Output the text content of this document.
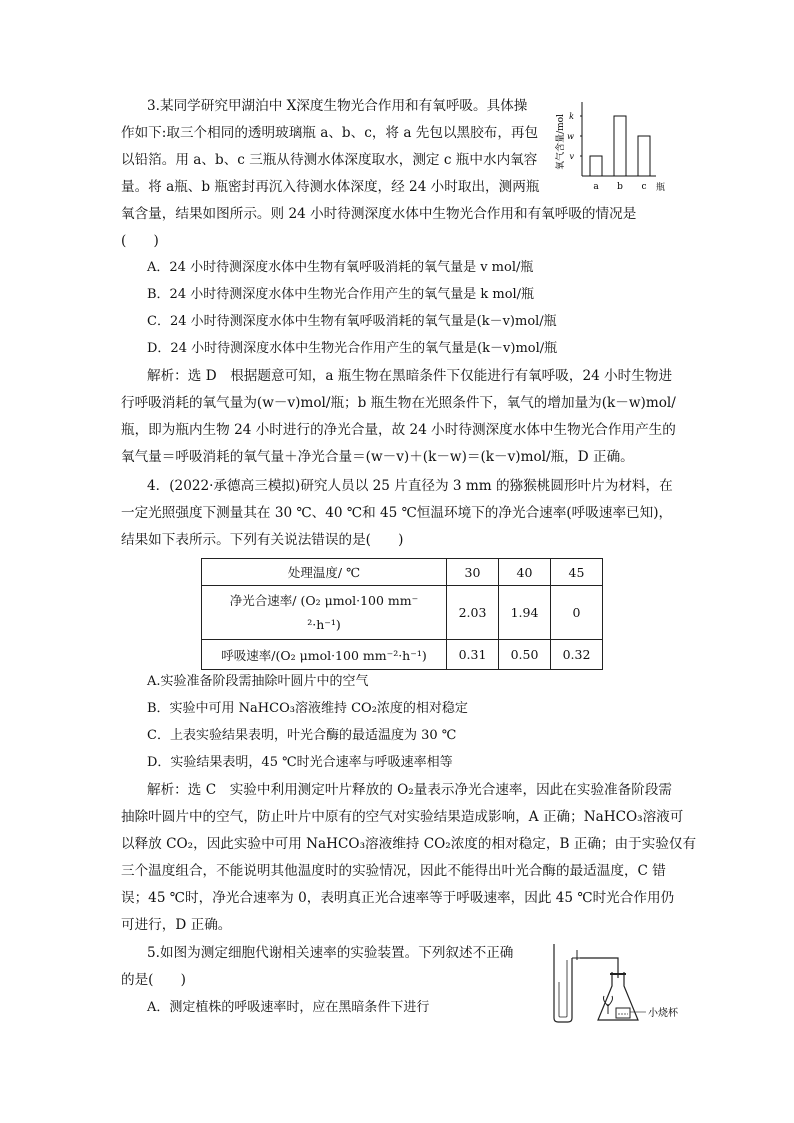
3.某同学研究甲湖泊中 X深度生物光合作用和有氧呼吸。具体操
作如下:取三个相同的透明玻璃瓶 a、b、c，将 a 先包以黑胶布，再包
以铅箔。用 a、b、c 三瓶从待测水体深度取水，测定 c 瓶中水内氧容
量。将 a瓶、b 瓶密封再沉入待测水体深度，经 24 小时取出，测两瓶
氧含量，结果如图所示。则 24 小时待测深度水体中生物光合作用和有氧呼吸的情况是
(　　)
氧气含量/mol
a b c 瓶
k
w
v
A．24 小时待测深度水体中生物有氧呼吸消耗的氧气量是 v mol/瓶
B．24 小时待测深度水体中生物光合作用产生的氧气量是 k mol/瓶
C．24 小时待测深度水体中生物有氧呼吸消耗的氧气量是(k－v)mol/瓶
D．24 小时待测深度水体中生物光合作用产生的氧气量是(k－v)mol/瓶
解析：选 D　根据题意可知，a 瓶生物在黑暗条件下仅能进行有氧呼吸，24 小时生物进
行呼吸消耗的氧气量为(w－v)mol/瓶；b 瓶生物在光照条件下，氧气的增加量为(k－w)mol/
瓶，即为瓶内生物 24 小时进行的净光合量，故 24 小时待测深度水体中生物光合作用产生的
氧气量＝呼吸消耗的氧气量＋净光合量＝(w－v)＋(k－w)＝(k－v)mol/瓶，D 正确。
4．(2022·承德高三模拟)研究人员以 25 片直径为 3 mm 的猕猴桃圆形叶片为材料，在
一定光照强度下测量其在 30 ℃、40 ℃和 45 ℃恒温环境下的净光合速率(呼吸速率已知)，
结果如下表所示。下列有关说法错误的是(　　)
处理温度/ ℃	30	40	45

净光合速率/ (O₂ μmol·100 mm⁻
²·h⁻¹)	2.03	1.94	0
呼吸速率/(O₂ μmol·100 mm⁻²·h⁻¹)	0.31	0.50	0.32
A.实验准备阶段需抽除叶圆片中的空气
B．实验中可用 NaHCO₃溶液维持 CO₂浓度的相对稳定
C．上表实验结果表明，叶光合酶的最适温度为 30 ℃
D．实验结果表明，45 ℃时光合速率与呼吸速率相等
解析：选 C　实验中利用测定叶片释放的 O₂量表示净光合速率，因此在实验准备阶段需
抽除叶圆片中的空气，防止叶片中原有的空气对实验结果造成影响，A 正确；NaHCO₃溶液可
以释放 CO₂，因此实验中可用 NaHCO₃溶液维持 CO₂浓度的相对稳定，B 正确；由于实验仅有
三个温度组合，不能说明其他温度时的实验情况，因此不能得出叶光合酶的最适温度，C 错
误；45 ℃时，净光合速率为 0，表明真正光合速率等于呼吸速率，因此 45 ℃时光合作用仍
可进行，D 正确。
5.如图为测定细胞代谢相关速率的实验装置。下列叙述不正确
的是(　　)
A．测定植株的呼吸速率时，应在黑暗条件下进行	小烧杯
